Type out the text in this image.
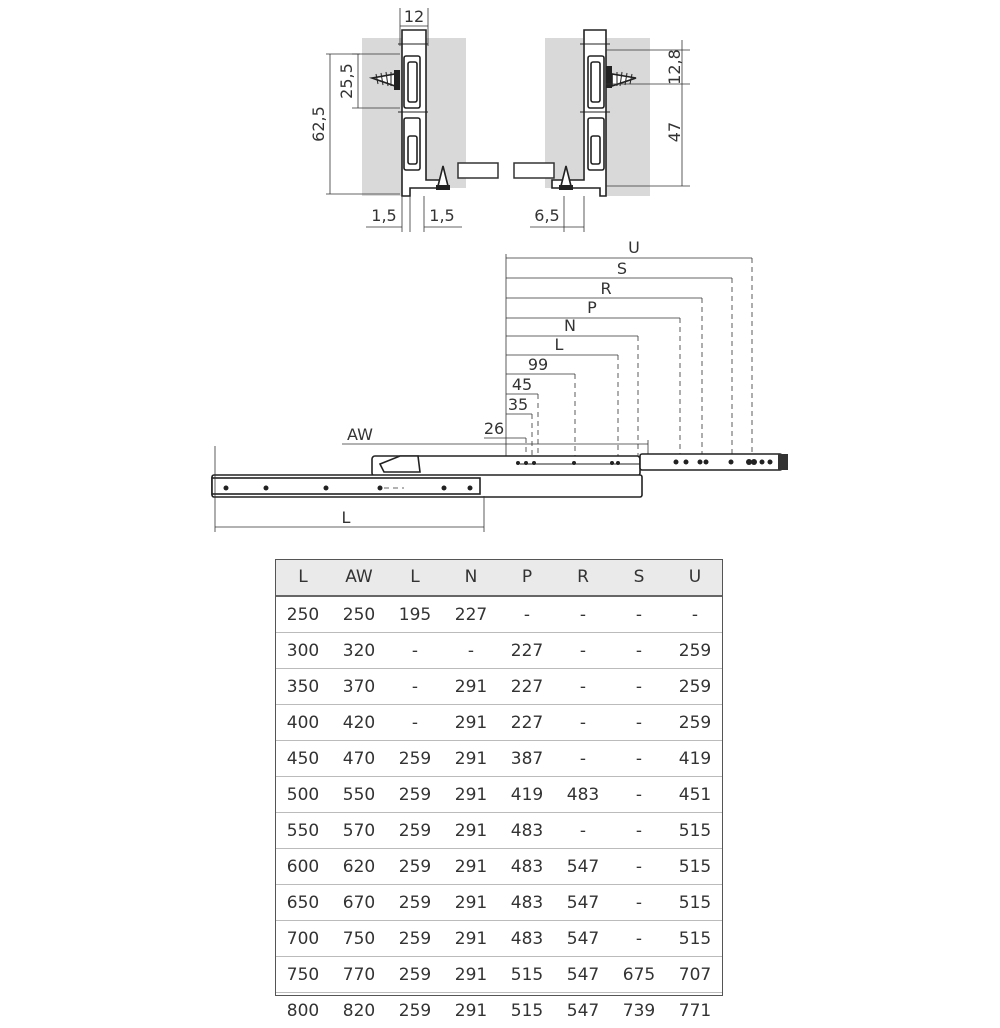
12
25,5
62,5
1,5 1,5
12,8
47
6,5
U
S
R
P
N
L
99
45
35
26
AW
L
L	AW	L	N	P	R	S	U
250	250	195	227	-	-	-	-
300	320	-	-	227	-	-	259
350	370	-	291	227	-	-	259
400	420	-	291	227	-	-	259
450	470	259	291	387	-	-	419
500	550	259	291	419	483	-	451
550	570	259	291	483	-	-	515
600	620	259	291	483	547	-	515
650	670	259	291	483	547	-	515
700	750	259	291	483	547	-	515
750	770	259	291	515	547	675	707
800	820	259	291	515	547	739	771
